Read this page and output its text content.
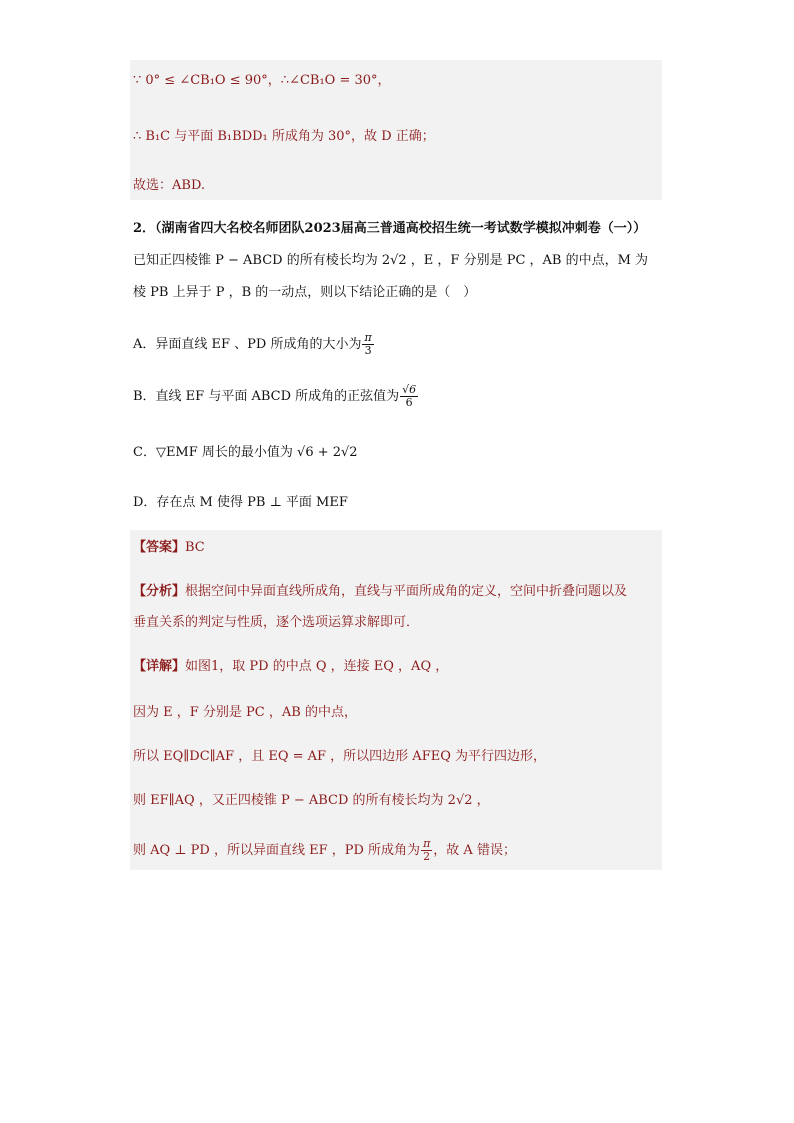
∵ 0° ≤ ∠CB₁O ≤ 90°，∴∠CB₁O = 30°，
∴ B₁C 与平面 B₁BDD₁ 所成角为 30°，故 D 正确；
故选：ABD.
2．（湖南省四大名校名师团队2023届高三普通高校招生统一考试数学模拟冲刺卷（一））
已知正四棱锥 P − ABCD 的所有棱长均为 2√2 ，E ，F 分别是 PC ，AB 的中点，M 为
棱 PB 上异于 P ，B 的一动点，则以下结论正确的是（　）
A．异面直线 EF 、PD 所成角的大小为 $\frac{\pi}{3}$
B．直线 EF 与平面 ABCD 所成角的正弦值为 $\frac{√6}{6}$
C．▽EMF 周长的最小值为 √6 + 2√2
D．存在点 M 使得 PB ⊥ 平面 MEF
【答案】BC
【分析】根据空间中异面直线所成角，直线与平面所成角的定义，空间中折叠问题以及
垂直关系的判定与性质，逐个选项运算求解即可．
【详解】如图1，取 PD 的中点 Q ，连接 EQ ，AQ ，
因为 E ，F 分别是 PC ，AB 的中点，
所以 EQ∥DC∥AF ，且 EQ = AF ，所以四边形 AFEQ 为平行四边形，
则 EF∥AQ ，又正四棱锥 P − ABCD 的所有棱长均为 2√2 ，
则 AQ ⊥ PD ，所以异面直线 EF ，PD 所成角为 $\frac{\pi}{2}$ ，故 A 错误；
